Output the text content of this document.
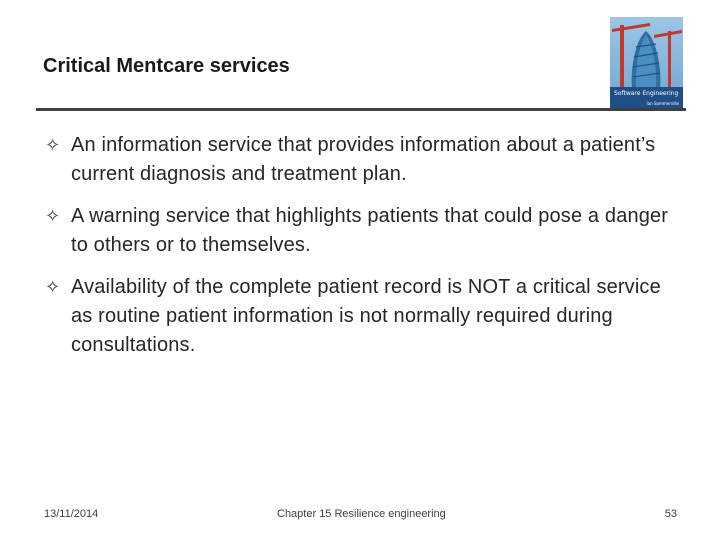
Critical Mentcare services
Software Engineering
Ian Sommerville
✧ An information service that provides information about a patient’s current diagnosis and treatment plan.
✧ A warning service that highlights patients that could pose a danger to others or to themselves.
✧ Availability of the complete patient record is NOT a critical service as routine patient information is not normally required during consultations.
13/11/2014	Chapter 15 Resilience engineering	53
